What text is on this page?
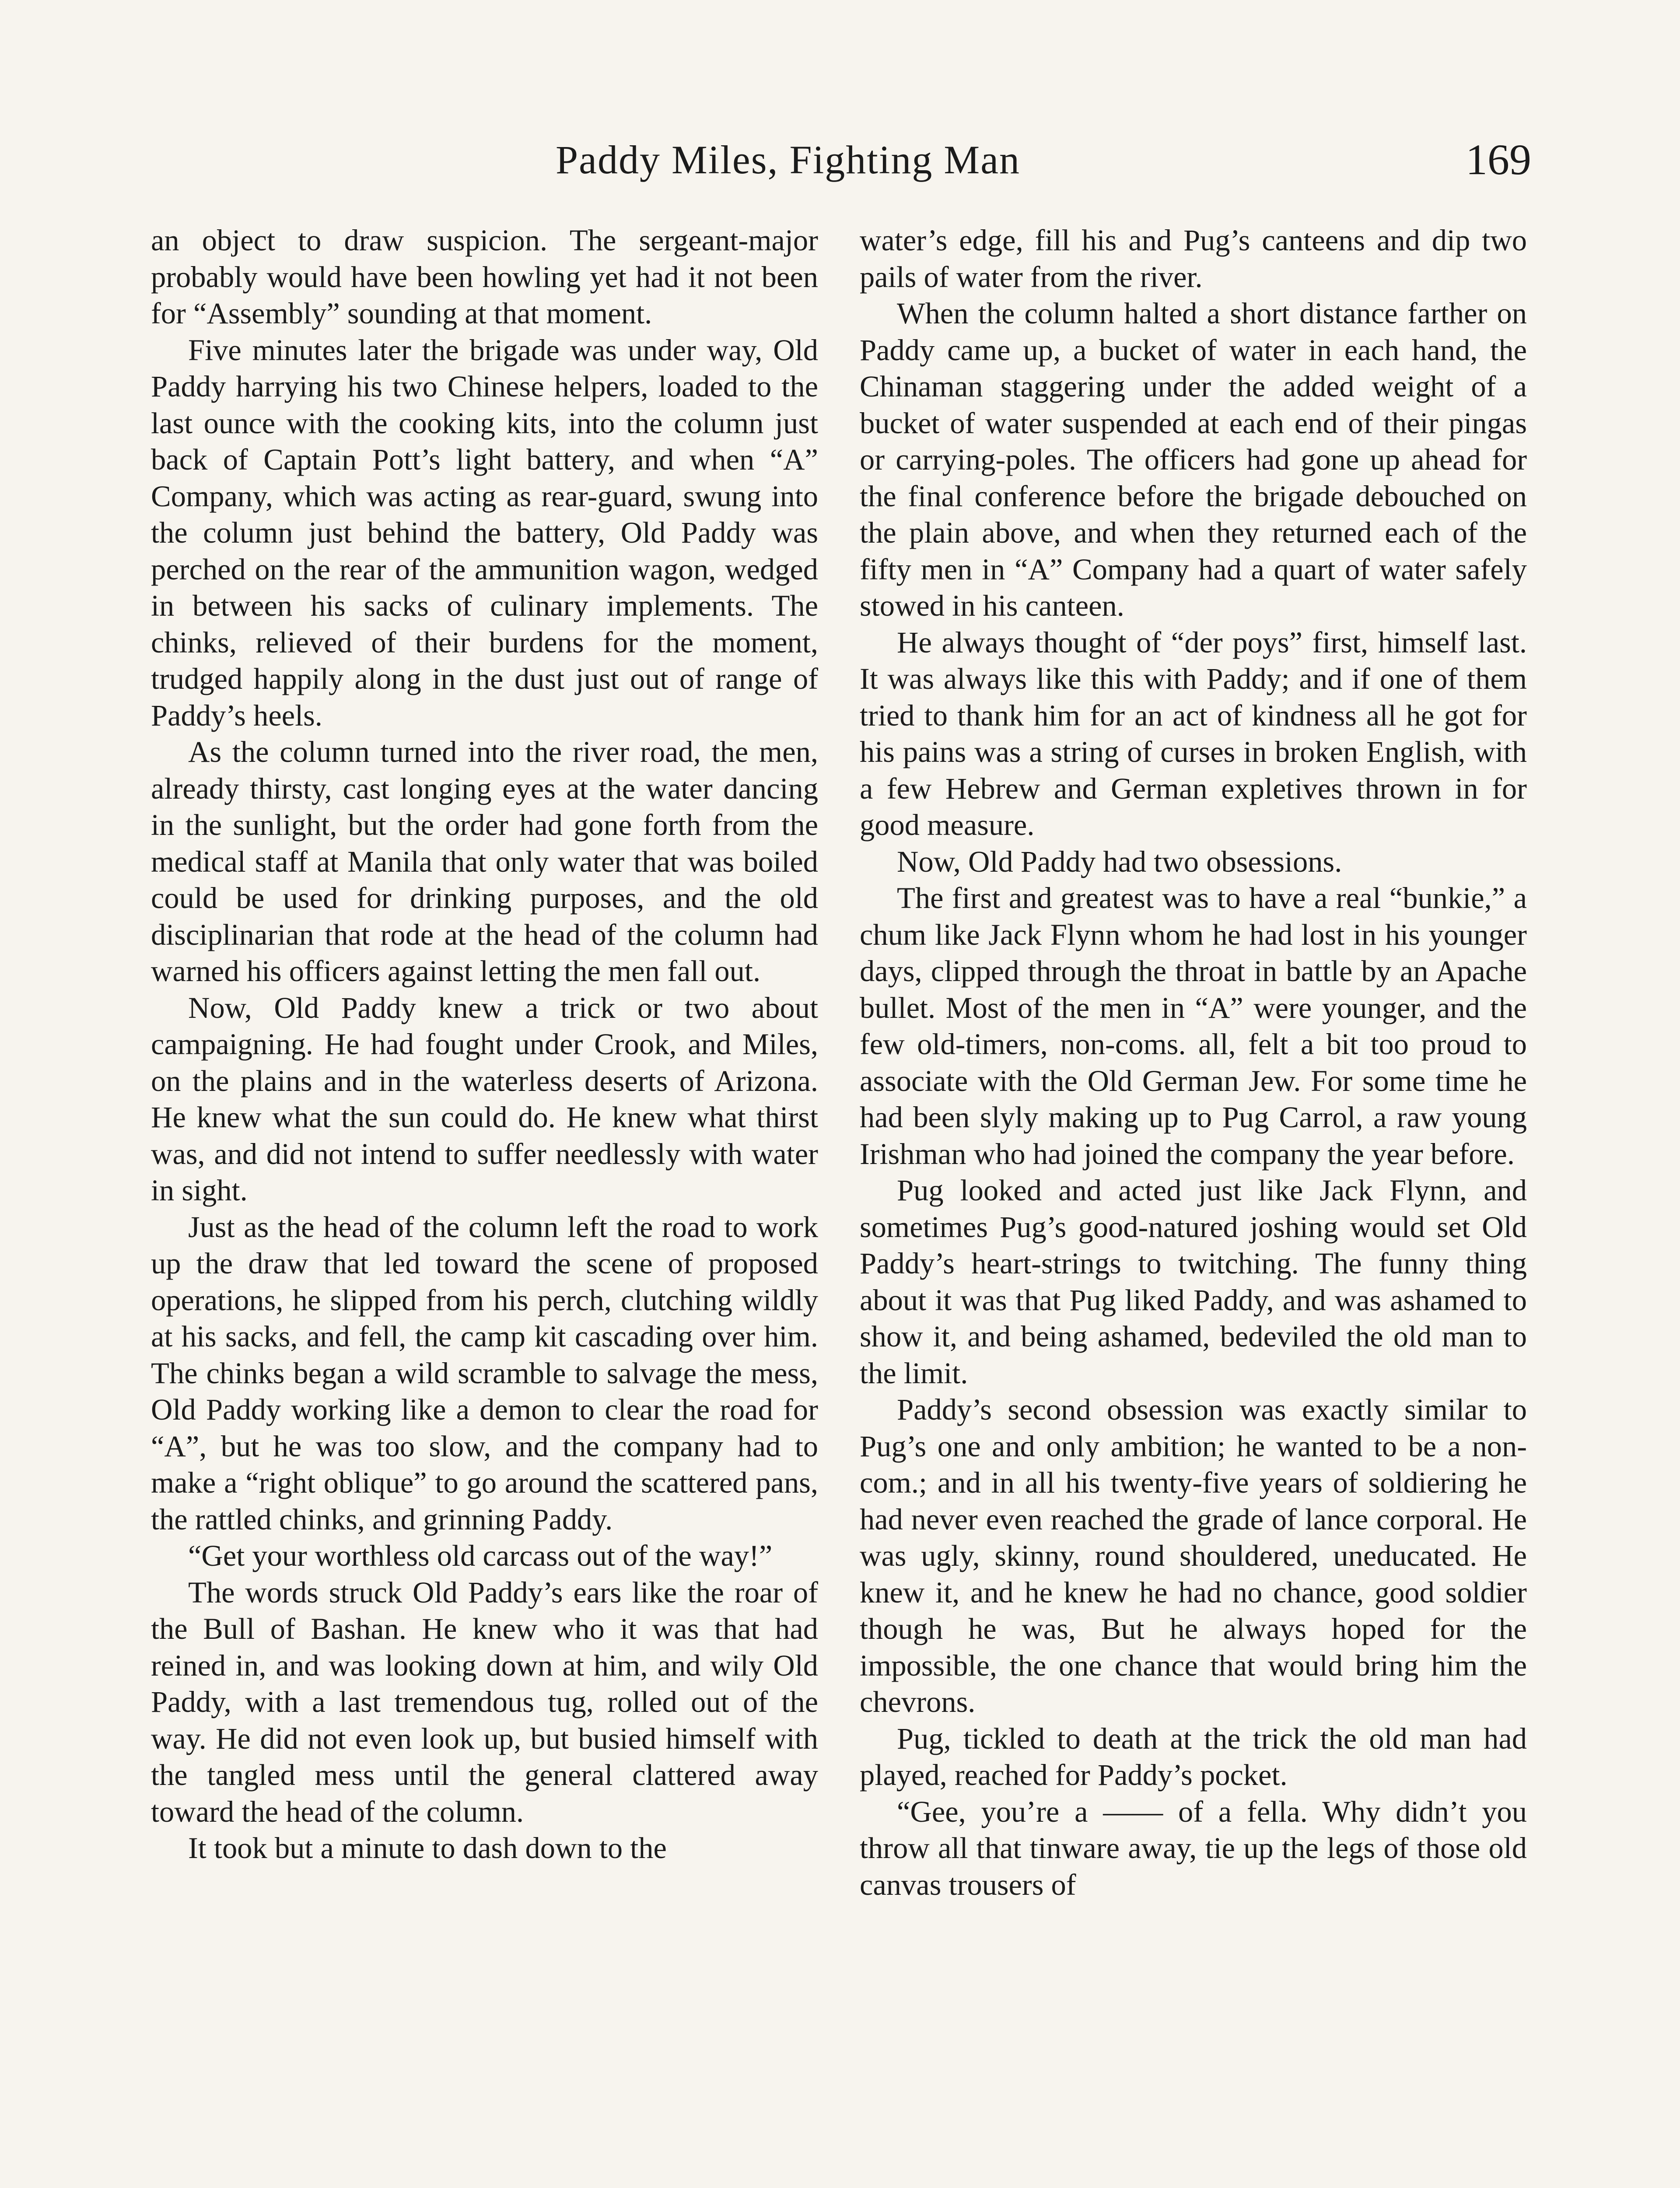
Paddy Miles, Fighting Man	169

an object to draw suspicion. The sergeant-major probably would have been howling yet had it not been for “Assembly” sounding at that moment.

Five minutes later the brigade was under way, Old Paddy harrying his two Chinese helpers, loaded to the last ounce with the cooking kits, into the column just back of Captain Pott’s light battery, and when “A” Company, which was acting as rear-guard, swung into the column just behind the battery, Old Paddy was perched on the rear of the ammunition wagon, wedged in between his sacks of culinary implements. The chinks, relieved of their burdens for the moment, trudged happily along in the dust just out of range of Paddy’s heels.

As the column turned into the river road, the men, already thirsty, cast longing eyes at the water dancing in the sunlight, but the order had gone forth from the medical staff at Manila that only water that was boiled could be used for drinking purposes, and the old disciplinarian that rode at the head of the column had warned his officers against letting the men fall out.

Now, Old Paddy knew a trick or two about campaigning. He had fought under Crook, and Miles, on the plains and in the waterless deserts of Arizona. He knew what the sun could do. He knew what thirst was, and did not intend to suffer needlessly with water in sight.

Just as the head of the column left the road to work up the draw that led toward the scene of proposed operations, he slipped from his perch, clutching wildly at his sacks, and fell, the camp kit cascading over him. The chinks began a wild scramble to salvage the mess, Old Paddy working like a demon to clear the road for “A”, but he was too slow, and the company had to make a “right oblique” to go around the scattered pans, the rattled chinks, and grinning Paddy.

“Get your worthless old carcass out of the way!”

The words struck Old Paddy’s ears like the roar of the Bull of Bashan. He knew who it was that had reined in, and was looking down at him, and wily Old Paddy, with a last tremendous tug, rolled out of the way. He did not even look up, but busied himself with the tangled mess until the general clattered away toward the head of the column.

It took but a minute to dash down to the

water’s edge, fill his and Pug’s canteens and dip two pails of water from the river.

When the column halted a short distance farther on Paddy came up, a bucket of water in each hand, the Chinaman staggering under the added weight of a bucket of water suspended at each end of their pingas or carrying-poles. The officers had gone up ahead for the final conference before the brigade debouched on the plain above, and when they returned each of the fifty men in “A” Company had a quart of water safely stowed in his canteen.

He always thought of “der poys” first, himself last. It was always like this with Paddy; and if one of them tried to thank him for an act of kindness all he got for his pains was a string of curses in broken English, with a few Hebrew and German expletives thrown in for good measure.

Now, Old Paddy had two obsessions.

The first and greatest was to have a real “bunkie,” a chum like Jack Flynn whom he had lost in his younger days, clipped through the throat in battle by an Apache bullet. Most of the men in “A” were younger, and the few old-timers, non-coms. all, felt a bit too proud to associate with the Old German Jew. For some time he had been slyly making up to Pug Carrol, a raw young Irishman who had joined the company the year before.

Pug looked and acted just like Jack Flynn, and sometimes Pug’s good-natured joshing would set Old Paddy’s heart-strings to twitching. The funny thing about it was that Pug liked Paddy, and was ashamed to show it, and being ashamed, bedeviled the old man to the limit.

Paddy’s second obsession was exactly similar to Pug’s one and only ambition; he wanted to be a non-com.; and in all his twenty-five years of soldiering he had never even reached the grade of lance corporal. He was ugly, skinny, round shouldered, uneducated. He knew it, and he knew he had no chance, good soldier though he was, But he always hoped for the impossible, the one chance that would bring him the chevrons.

Pug, tickled to death at the trick the old man had played, reached for Paddy’s pocket.

“Gee, you’re a —— of a fella. Why didn’t you throw all that tinware away, tie up the legs of those old canvas trousers of
